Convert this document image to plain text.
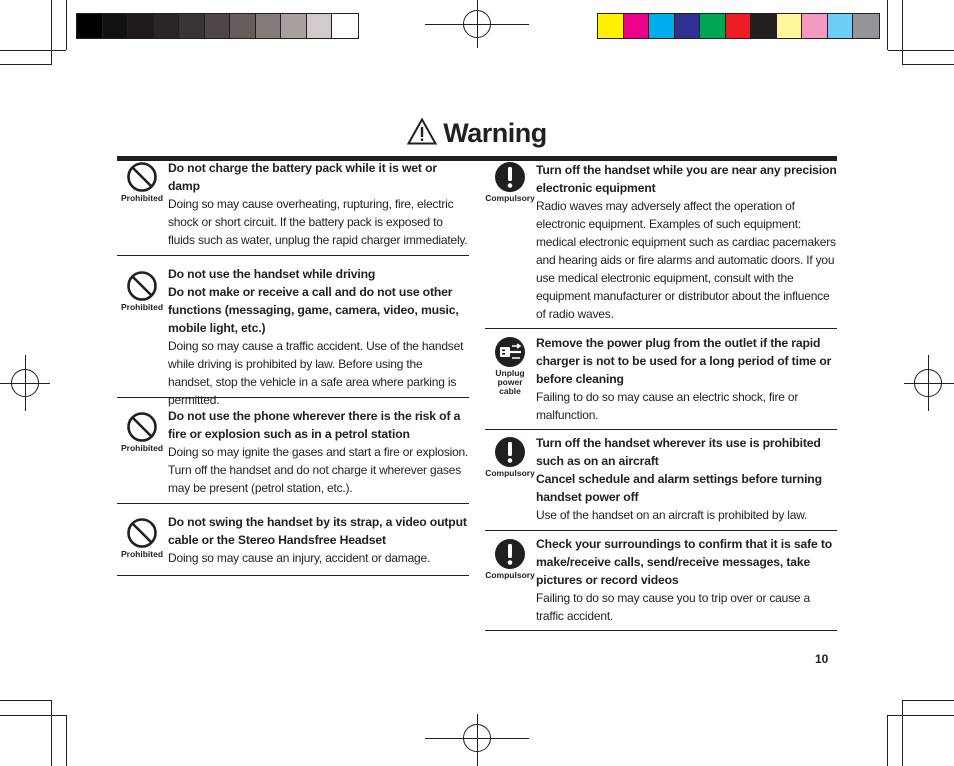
Warning
Prohibited

Do not charge the battery pack while it is wet or damp

Doing so may cause overheating, rupturing, fire, electric shock or short circuit. If the battery pack is exposed to fluids such as water, unplug the rapid charger immediately.

Prohibited

Do not use the handset while driving

Do not make or receive a call and do not use other functions (messaging, game, camera, video, music, mobile light, etc.)

Doing so may cause a traffic accident. Use of the handset while driving is prohibited by law. Before using the handset, stop the vehicle in a safe area where parking is permitted.

Prohibited

Do not use the phone wherever there is the risk of a fire or explosion such as in a petrol station

Doing so may ignite the gases and start a fire or explosion. Turn off the handset and do not charge it wherever gases may be present (petrol station, etc.).

Prohibited

Do not swing the handset by its strap, a video output cable or the Stereo Handsfree Headset

Doing so may cause an injury, accident or damage.

Compulsory

Turn off the handset while you are near any precision electronic equipment

Radio waves may adversely affect the operation of electronic equipment. Examples of such equipment: medical electronic equipment such as cardiac pacemakers and hearing aids or fire alarms and automatic doors. If you use medical electronic equipment, consult with the equipment manufacturer or distributor about the influence of radio waves.

Unplug power
cable

Remove the power plug from the outlet if the rapid charger is not to be used for a long period of time or before cleaning

Failing to do so may cause an electric shock, fire or malfunction.

Compulsory

Turn off the handset wherever its use is prohibited such as on an aircraft

Cancel schedule and alarm settings before turning handset power off

Use of the handset on an aircraft is prohibited by law.

Compulsory

Check your surroundings to confirm that it is safe to make/receive calls, send/receive messages, take pictures or record videos

Failing to do so may cause you to trip over or cause a traffic accident.

10
